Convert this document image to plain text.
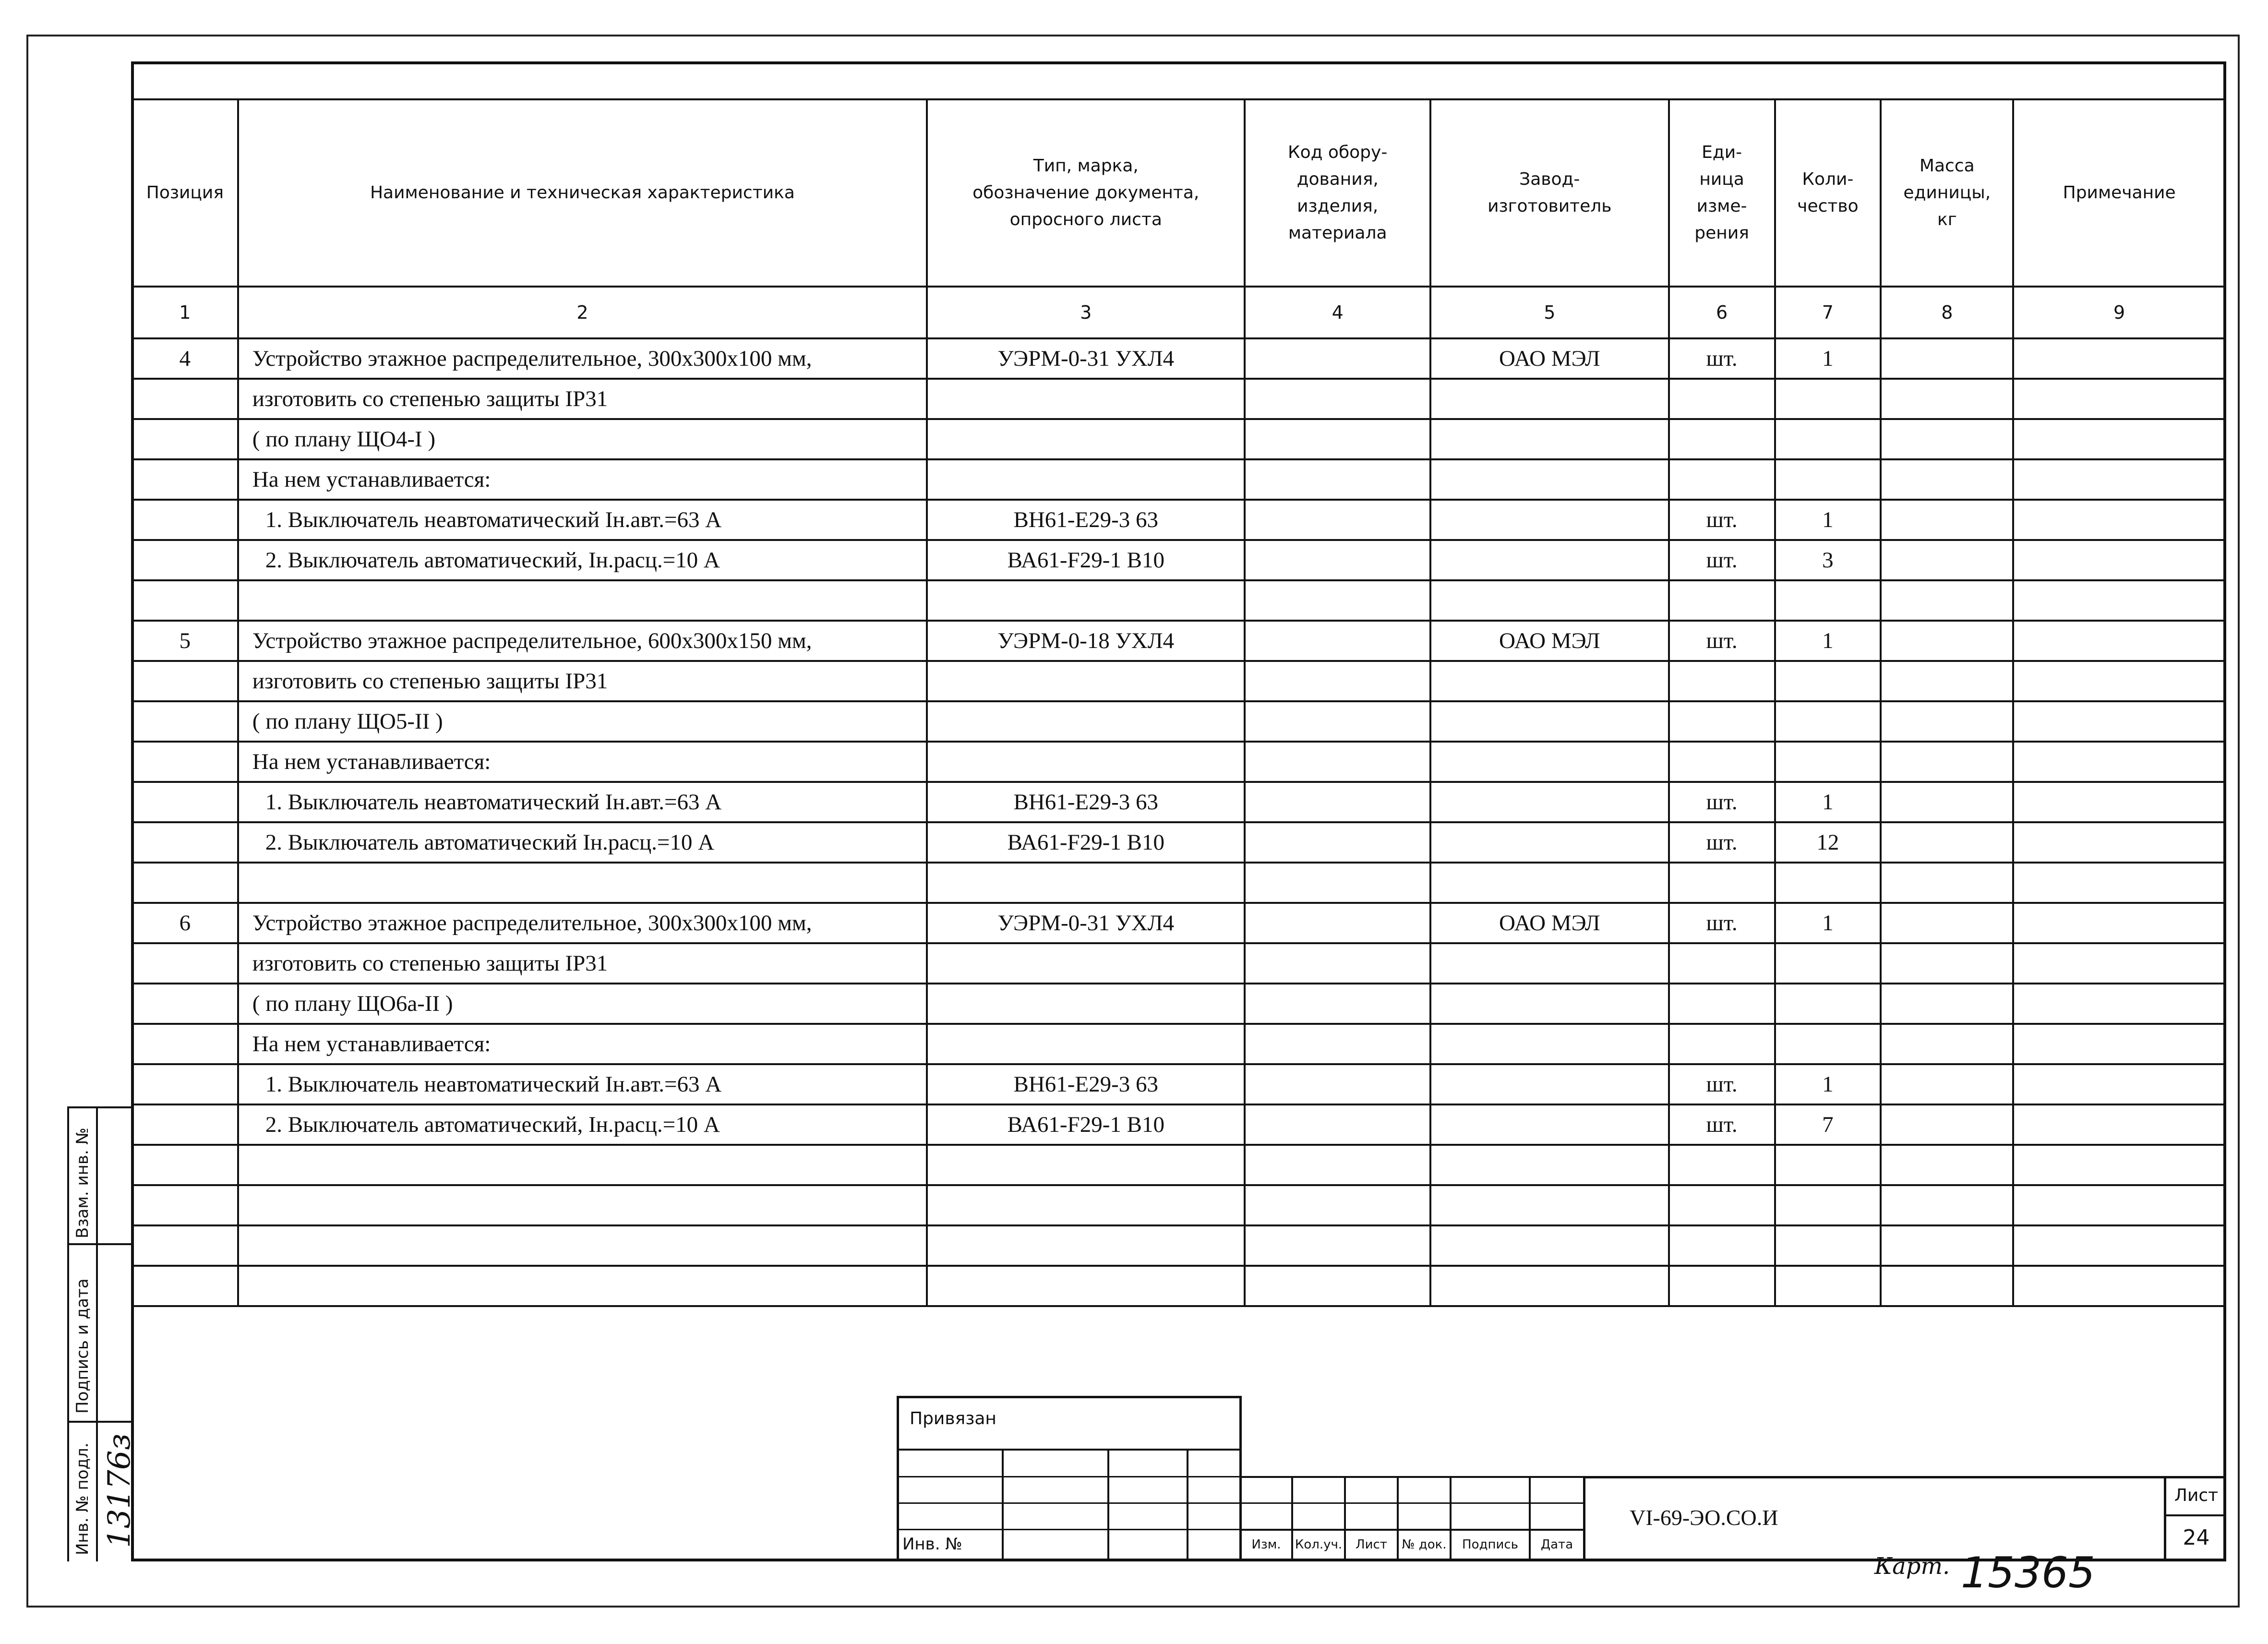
Позиция	Наименование и техническая характеристика	Тип, марка,
обозначение документа,
опросного листа	Код обору-
дования,
изделия,
материала	Завод-
изготовитель	Еди-
ница
изме-
рения	Коли-
чество	Масса
единицы,
кг	Примечание
1	2	3	4	5	6	7	8	9
4	Устройство этажное распределительное, 300х300х100 мм,	УЭРМ-0-31 УХЛ4		ОАО МЭЛ	шт.	1		
	изготовить со степенью защиты IP31							
	( по плану ЩО4-I )							
	На нем устанавливается:							
	1. Выключатель неавтоматический Iн.авт.=63 А	ВН61-Е29-3 63			шт.	1		
	2. Выключатель автоматический, Iн.расц.=10 А	ВА61-F29-1 В10			шт.	3		

5	Устройство этажное распределительное, 600х300х150 мм,	УЭРМ-0-18 УХЛ4		ОАО МЭЛ	шт.	1		
	изготовить со степенью защиты IP31							
	( по плану ЩО5-II )							
	На нем устанавливается:							
	1. Выключатель неавтоматический Iн.авт.=63 А	ВН61-Е29-3 63			шт.	1		
	2. Выключатель автоматический Iн.расц.=10 А	ВА61-F29-1 В10			шт.	12		

6	Устройство этажное распределительное, 300х300х100 мм,	УЭРМ-0-31 УХЛ4		ОАО МЭЛ	шт.	1		
	изготовить со степенью защиты IP31							
	( по плану ЩО6а-II )							
	На нем устанавливается:							
	1. Выключатель неавтоматический Iн.авт.=63 А	ВН61-Е29-3 63			шт.	1		
	2. Выключатель автоматический, Iн.расц.=10 А	ВА61-F29-1 В10			шт.	7		

Привязан
Инв. №	Изм.	Кол.уч.	Лист	№ док.	Подпись	Дата
VI-69-ЭО.СО.И
Лист
24
Взам. инв. №
Подпись и дата
Инв. № подл. 13176з
Карт. 15365
